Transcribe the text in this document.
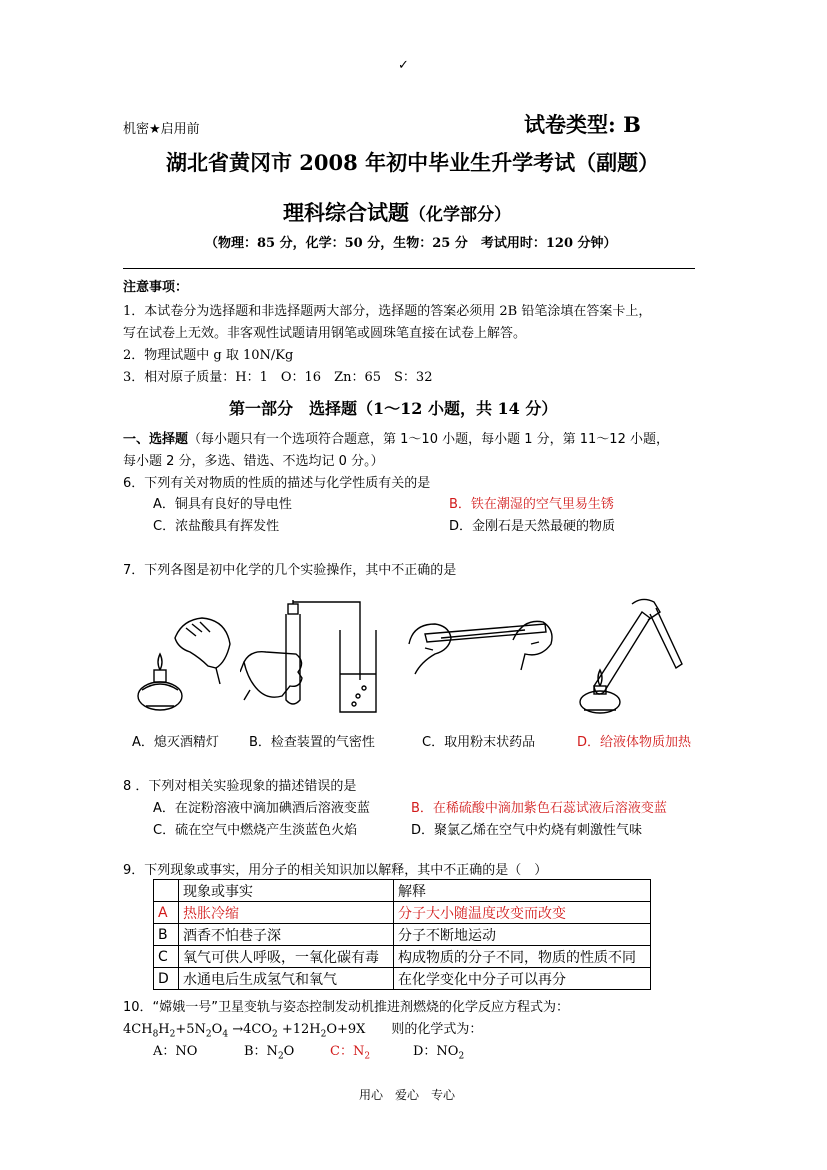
✓
机密★启用前	试卷类型: B
湖北省黄冈市 2008 年初中毕业生升学考试（副题）
理科综合试题（化学部分）
（物理：85 分，化学：50 分，生物：25 分　考试用时：120 分钟）
注意事项：
1．本试卷分为选择题和非选择题两大部分，选择题的答案必须用 2B 铅笔涂填在答案卡上，
写在试卷上无效。非客观性试题请用钢笔或圆珠笔直接在试卷上解答。
2．物理试题中 g 取 10N/Kg
3．相对原子质量：H：1　O：16　Zn：65　S：32
第一部分　选择题（1～12 小题，共 14 分）
一、选择题（每小题只有一个选项符合题意，第 1～10 小题，每小题 1 分，第 11～12 小题，
每小题 2 分，多选、错选、不选均记 0 分。）
6．下列有关对物质的性质的描述与化学性质有关的是
A．铜具有良好的导电性	B．铁在潮湿的空气里易生锈
C．浓盐酸具有挥发性	D．金刚石是天然最硬的物质
7．下列各图是初中化学的几个实验操作，其中不正确的是
A．熄灭酒精灯 B．检查装置的气密性	C．取用粉末状药品	D．给液体物质加热
8 ．下列对相关实验现象的描述错误的是
A．在淀粉溶液中滴加碘酒后溶液变蓝	B．在稀硫酸中滴加紫色石蕊试液后溶液变蓝
C．硫在空气中燃烧产生淡蓝色火焰	D．聚氯乙烯在空气中灼烧有刺激性气味
9．下列现象或事实，用分子的相关知识加以解释，其中不正确的是（　）
	现象或事实	解释
A	热胀冷缩	分子大小随温度改变而改变
B	酒香不怕巷子深	分子不断地运动
C	氧气可供人呼吸，一氧化碳有毒	构成物质的分子不同，物质的性质不同
D	水通电后生成氢气和氧气	在化学变化中分子可以再分
10．“嫦娥一号”卫星变轨与姿态控制发动机推进剂燃烧的化学反应方程式为：
$4CH_8H_2+5N_2O_4 \to 4CO_2 +12H_2O+9X$　　则的化学式为：
A：NO	B：$N_2O$	C：$N_2$	D：$NO_2$
用心　爱心　专心
